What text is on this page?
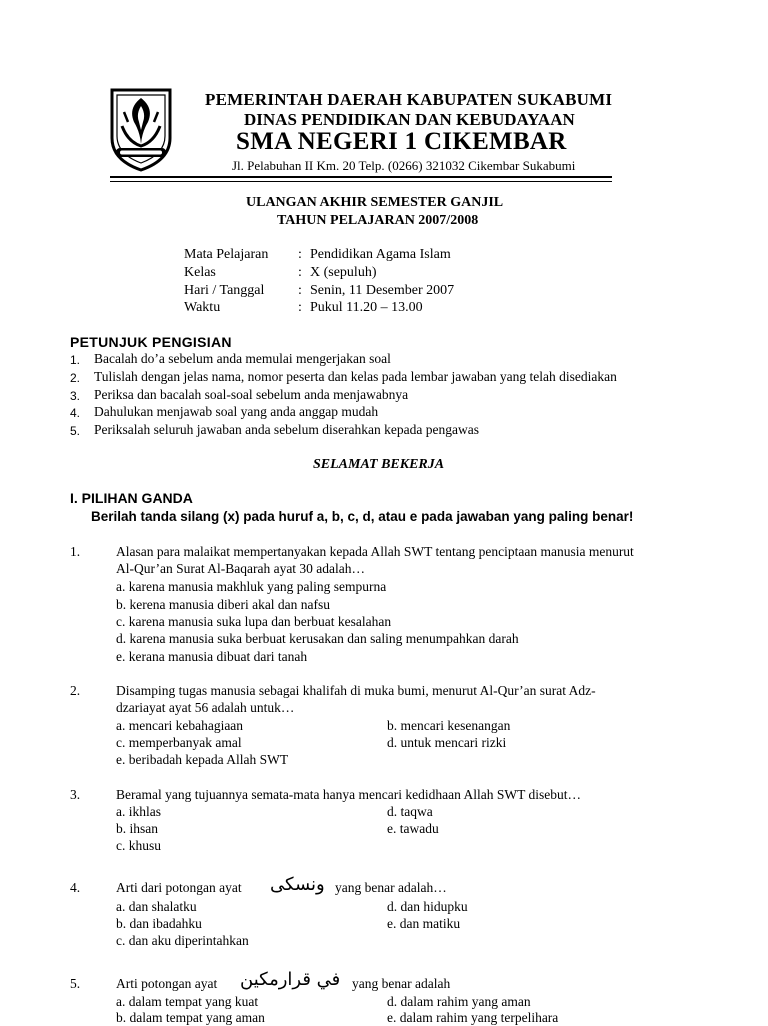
PEMERINTAH DAERAH KABUPATEN SUKABUMI
DINAS PENDIDIKAN DAN KEBUDAYAAN
SMA NEGERI 1 CIKEMBAR
Jl. Pelabuhan II Km. 20 Telp. (0266) 321032 Cikembar Sukabumi
ULANGAN AKHIR SEMESTER GANJIL
TAHUN PELAJARAN 2007/2008
Mata Pelajaran : Pendidikan Agama Islam
Kelas	: X (sepuluh)
Hari / Tanggal : Senin, 11 Desember 2007
Waktu	: Pukul 11.20 – 13.00
PETUNJUK PENGISIAN
1. Bacalah do’a sebelum anda memulai mengerjakan soal
2. Tulislah dengan jelas nama, nomor peserta dan kelas pada lembar jawaban yang telah disediakan
3. Periksa dan bacalah soal-soal sebelum anda menjawabnya
4. Dahulukan menjawab soal yang anda anggap mudah
5. Periksalah seluruh jawaban anda sebelum diserahkan kepada pengawas
SELAMAT BEKERJA
I. PILIHAN GANDA
Berilah tanda silang (x) pada huruf a, b, c, d, atau e pada jawaban yang paling benar!
1.	Alasan para malaikat mempertanyakan kepada Allah SWT tentang penciptaan manusia menurut
Al-Qur’an Surat Al-Baqarah ayat 30 adalah…
a. karena manusia makhluk yang paling sempurna
b. kerena manusia diberi akal dan nafsu
c. karena manusia suka lupa dan berbuat kesalahan
d. karena manusia suka berbuat kerusakan dan saling menumpahkan darah
e. kerana manusia dibuat dari tanah
2.	Disamping tugas manusia sebagai khalifah di muka bumi, menurut Al-Qur’an surat Adz-
dzariayat ayat 56 adalah untuk…
a. mencari kebahagiaan	b. mencari kesenangan
c. memperbanyak amal	d. untuk mencari rizki
e. beribadah kepada Allah SWT
3.	Beramal yang tujuannya semata-mata hanya mencari kedidhaan Allah SWT disebut…
a. ikhlas	d. taqwa
b. ihsan	e. tawadu
c. khusu
4.	Arti dari potongan ayat ونسكى yang benar adalah…
a. dan shalatku	d. dan hidupku
b. dan ibadahku	e. dan matiku
c. dan aku diperintahkan
5.	Arti potongan ayat في قرارمكين yang benar adalah
a. dalam tempat yang kuat	d. dalam rahim yang aman
b. dalam tempat yang aman	e. dalam rahim yang terpelihara
